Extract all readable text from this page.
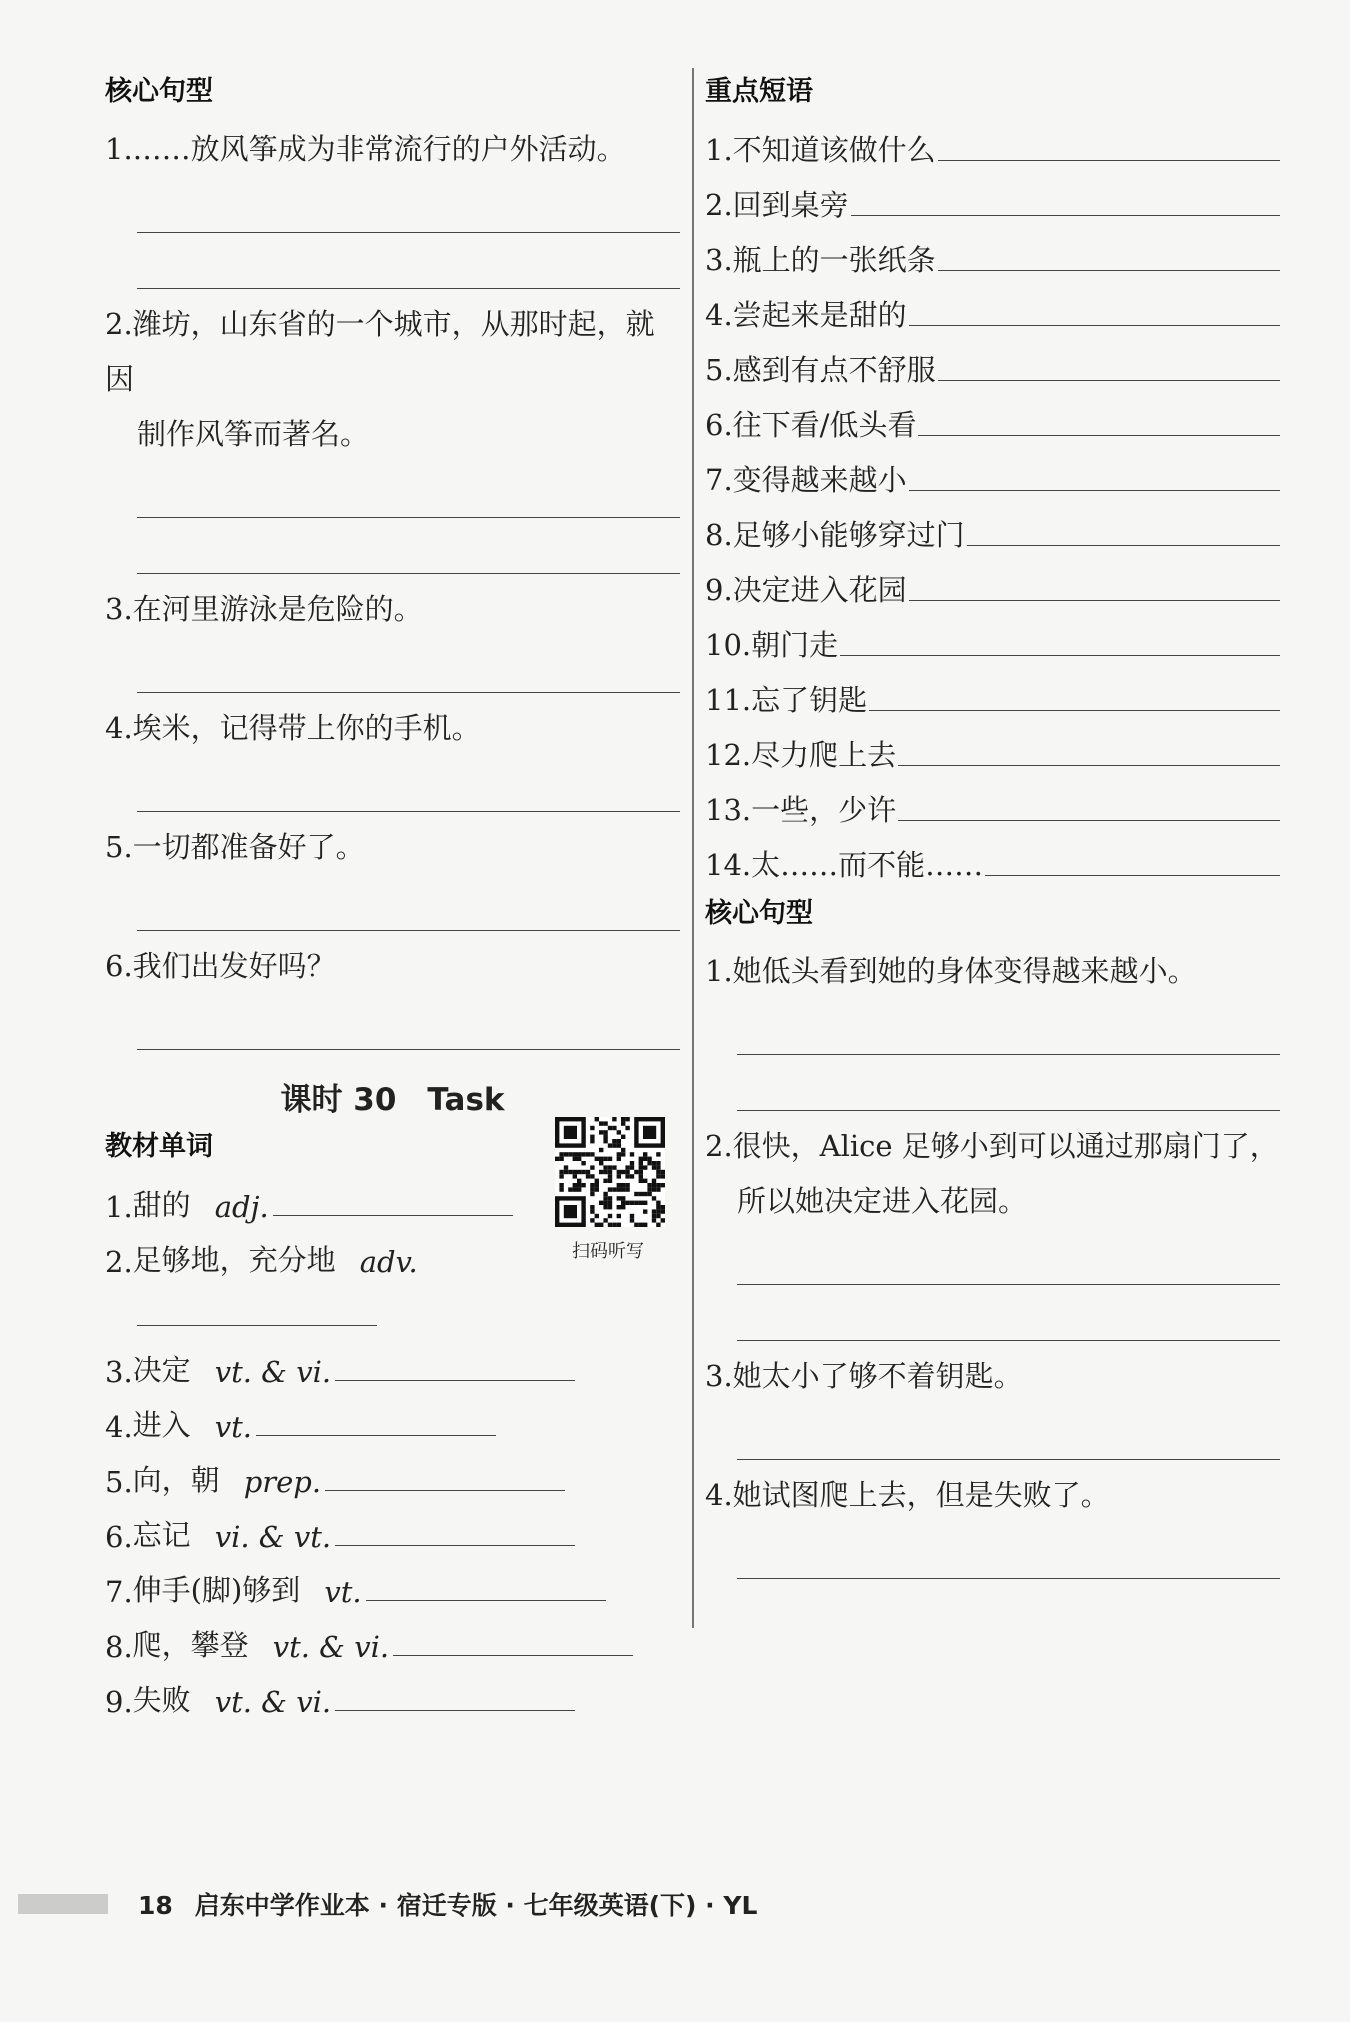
核心句型
1.……放风筝成为非常流行的户外活动。
2.潍坊，山东省的一个城市，从那时起，就因
制作风筝而著名。
3.在河里游泳是危险的。
4.埃米，记得带上你的手机。
5.一切都准备好了。
6.我们出发好吗？
课时 30　Task
教材单词
扫码听写
1. 甜的 adj.
2. 足够地，充分地 adv.
3. 决定 vt. & vi.
4. 进入 vt.
5. 向，朝 prep.
6. 忘记 vi. & vt.
7. 伸手(脚)够到 vt.
8. 爬，攀登 vt. & vi.
9. 失败 vt. & vi.
重点短语
1.不知道该做什么
2.回到桌旁
3.瓶上的一张纸条
4.尝起来是甜的
5.感到有点不舒服
6.往下看/低头看
7.变得越来越小
8.足够小能够穿过门
9.决定进入花园
10.朝门走
11.忘了钥匙
12.尽力爬上去
13.一些，少许
14.太……而不能……
核心句型
1.她低头看到她的身体变得越来越小。
2.很快，Alice 足够小到可以通过那扇门了，
所以她决定进入花园。
3.她太小了够不着钥匙。
4.她试图爬上去，但是失败了。
18 启东中学作业本 · 宿迁专版 · 七年级英语(下) · YL
